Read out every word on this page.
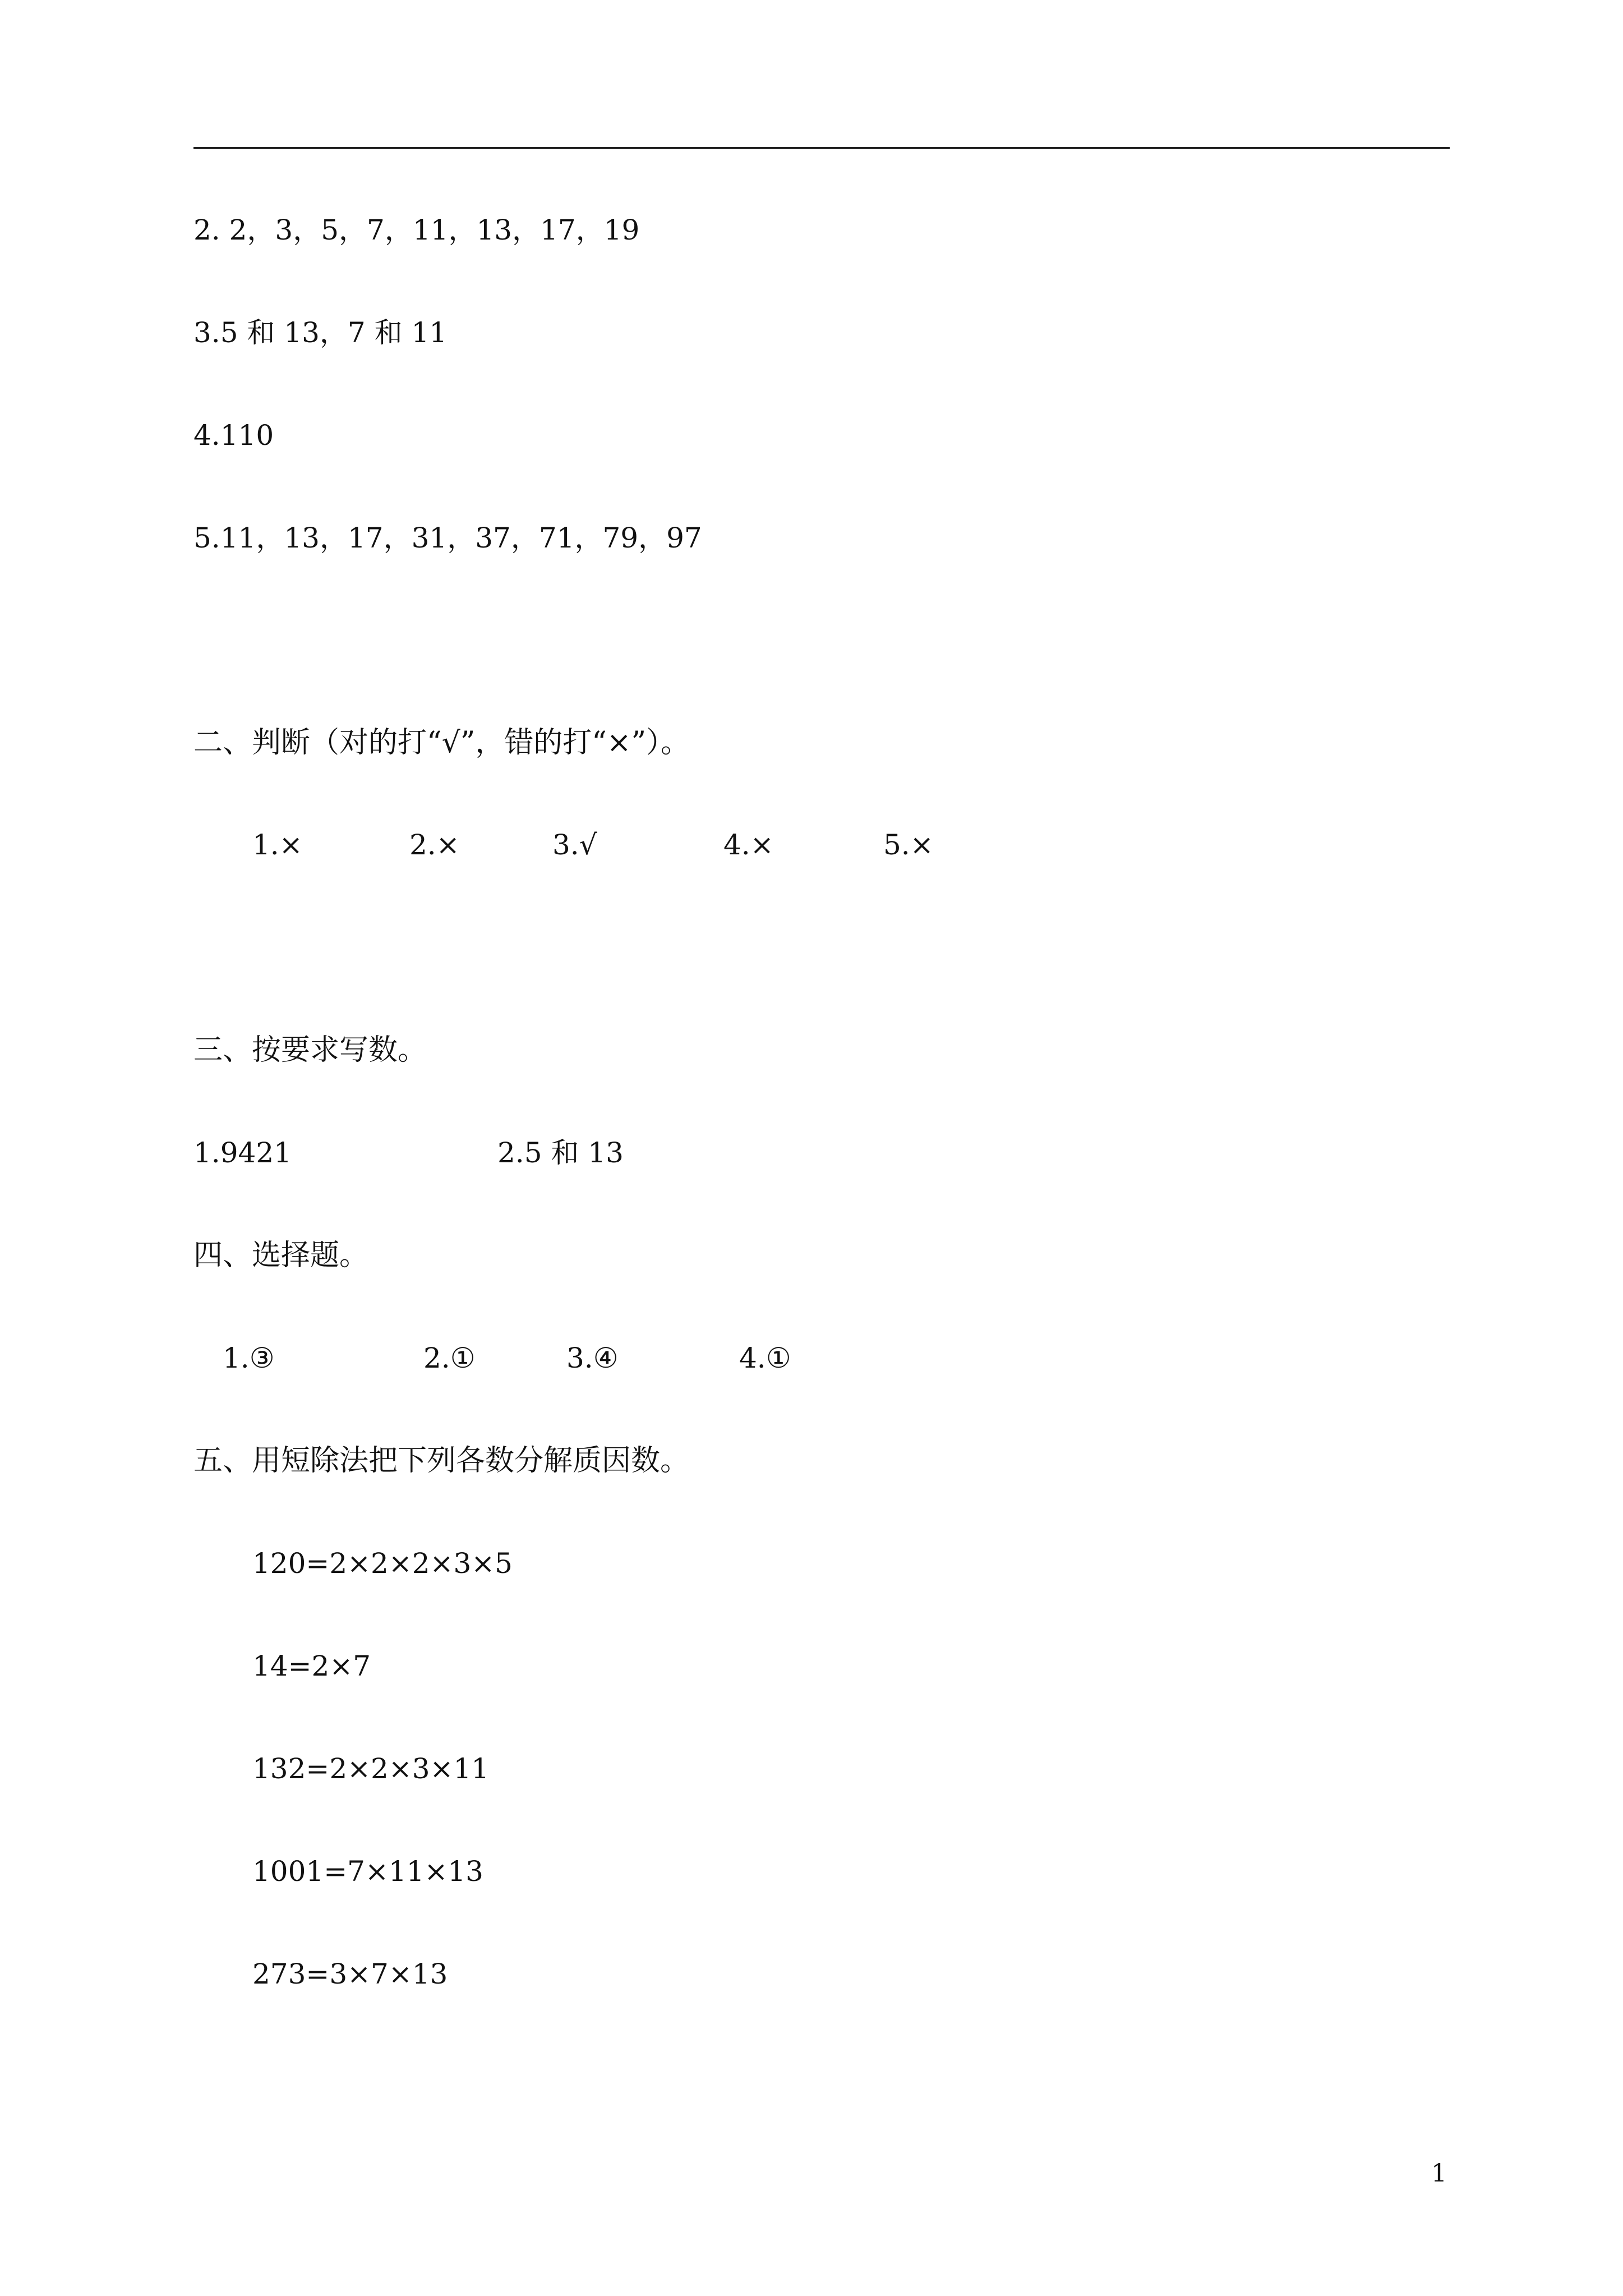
2. 2，3，5，7，11，13，17，19
3.5 和 13，7 和 11
4.110
5.11，13，17，31，37，71，79，97
二、判断（对的打“√”，错的打“×”）。
1.×	2.×	3.√	4.×	5.×
三、按要求写数。
1.9421	2.5 和 13
四、选择题。
1.③	2.①	3.④	4.①
五、用短除法把下列各数分解质因数。
120=2×2×2×3×5
14=2×7
132=2×2×3×11
1001=7×11×13
273=3×7×13
1
